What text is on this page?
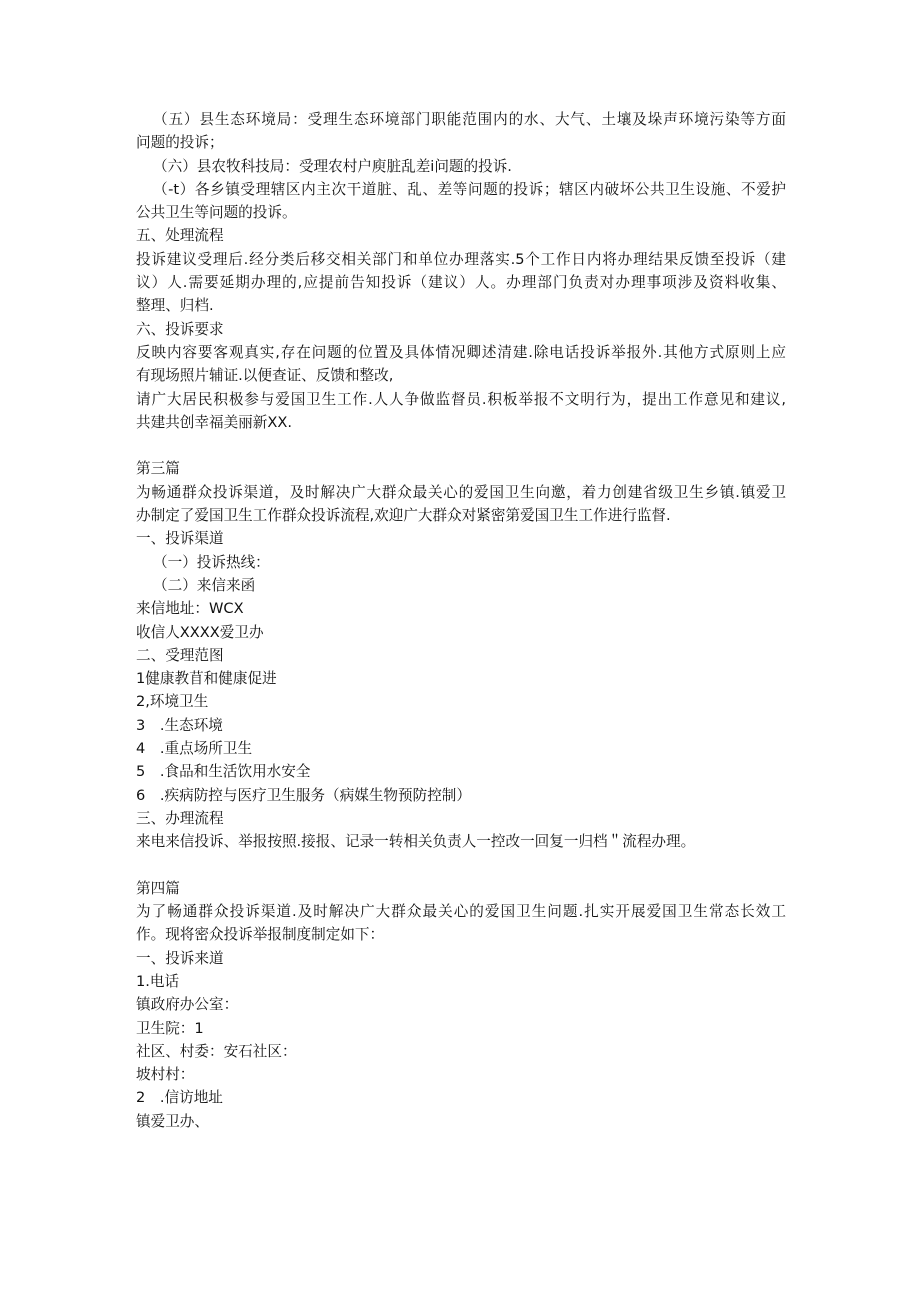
（五）县生态环境局：受理生态环境部门职能范围内的水、大气、土壤及垛声环境污染等方面
问题的投诉；
（六）县农牧科技局：受理农村户庾脏乱差i问题的投诉.
（-t）各乡镇受理辖区内主次干道脏、乱、差等问题的投诉；辖区内破坏公共卫生设施、不爱护
公共卫生等问题的投诉。
五、处理流程
投诉建议受理后.经分类后移交相关部门和单位办理落实.5个工作日内将办理结果反馈至投诉（建
议）人.需要延期办理的,应提前告知投诉（建议）人。办理部门负责对办理事项涉及资料收集、
整理、归档.
六、投诉要求
反映内容要客观真实,存在问题的位置及具体情况卿述清建.除电话投诉举报外.其他方式原则上应
有现场照片辅证.以便查证、反馈和整改,
请广大居民积极参与爱国卫生工作.人人争做监督员.积板举报不文明行为，提出工作意见和建议,
共建共创幸福美丽新XX.
第三篇
为畅通群众投诉渠道，及时解决广大群众最关心的爱国卫生向邀，着力创建省级卫生乡镇.镇爱卫
办制定了爱国卫生工作群众投诉流程,欢迎广大群众对紧密第爱国卫生工作进行监督.
一、投诉渠道
（一）投诉热线：
（二）来信来函
来信地址：WCX
收信人XXXX爱卫办
二、受理范图
1健康教苜和健康促进
2,环境卫生
3　.生态环境
4　.重点场所卫生
5　.食品和生活饮用水安全
6　.疾病防控与医疗卫生服务（病媒生物预防控制）
三、办理流程
来电来信投诉、举报按照.接报、记录一转相关负责人一控改一回复一归档＂流程办理。
第四篇
为了畅通群众投诉渠道.及时解决广大群众最关心的爱国卫生问题.扎实开展爱国卫生常态长效工
作。现将密众投诉举报制度制定如下：
一、投诉来道
1.电话
镇政府办公室：
卫生院：1
社区、村委：安石社区：
坡村村：
2　.信访地址
镇爱卫办、
